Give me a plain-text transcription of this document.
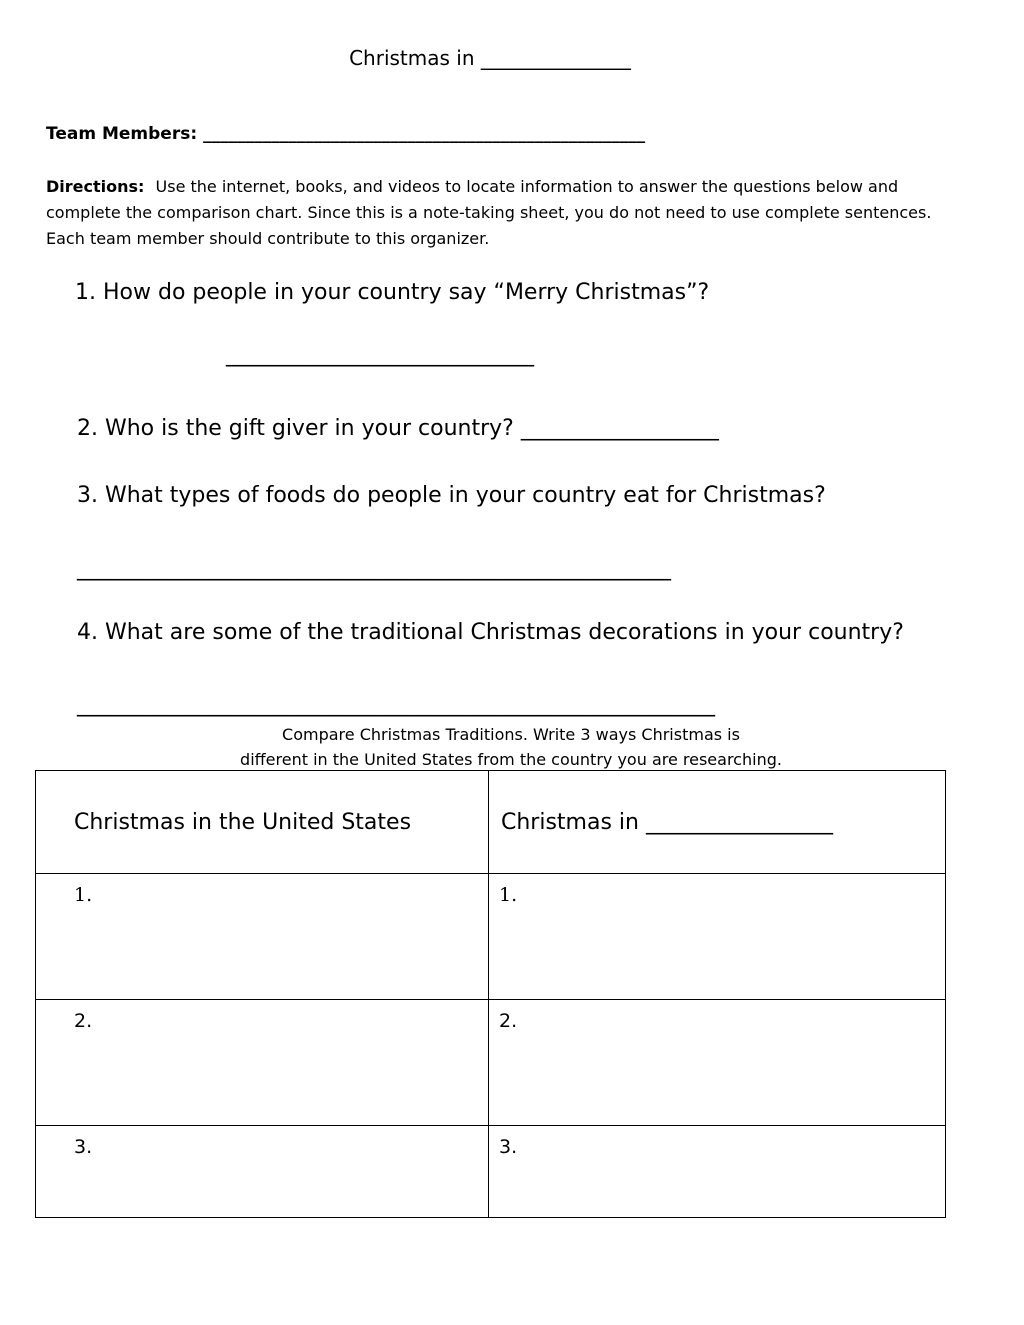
Christmas in _______________
Team Members: ____________________________________________________
Directions: Use the internet, books, and videos to locate information to answer the questions below and complete the comparison chart. Since this is a note-taking sheet, you do not need to use complete sentences. Each team member should contribute to this organizer.
1. How do people in your country say “Merry Christmas”?
____________________________
2. Who is the gift giver in your country? __________________
3. What types of foods do people in your country eat for Christmas?
______________________________________________________
4. What are some of the traditional Christmas decorations in your country?
__________________________________________________________
Compare Christmas Traditions. Write 3 ways Christmas is
different in the United States from the country you are researching.
Christmas in the United States	Christmas in _________________
1.	1.
2.	2.
3.	3.
